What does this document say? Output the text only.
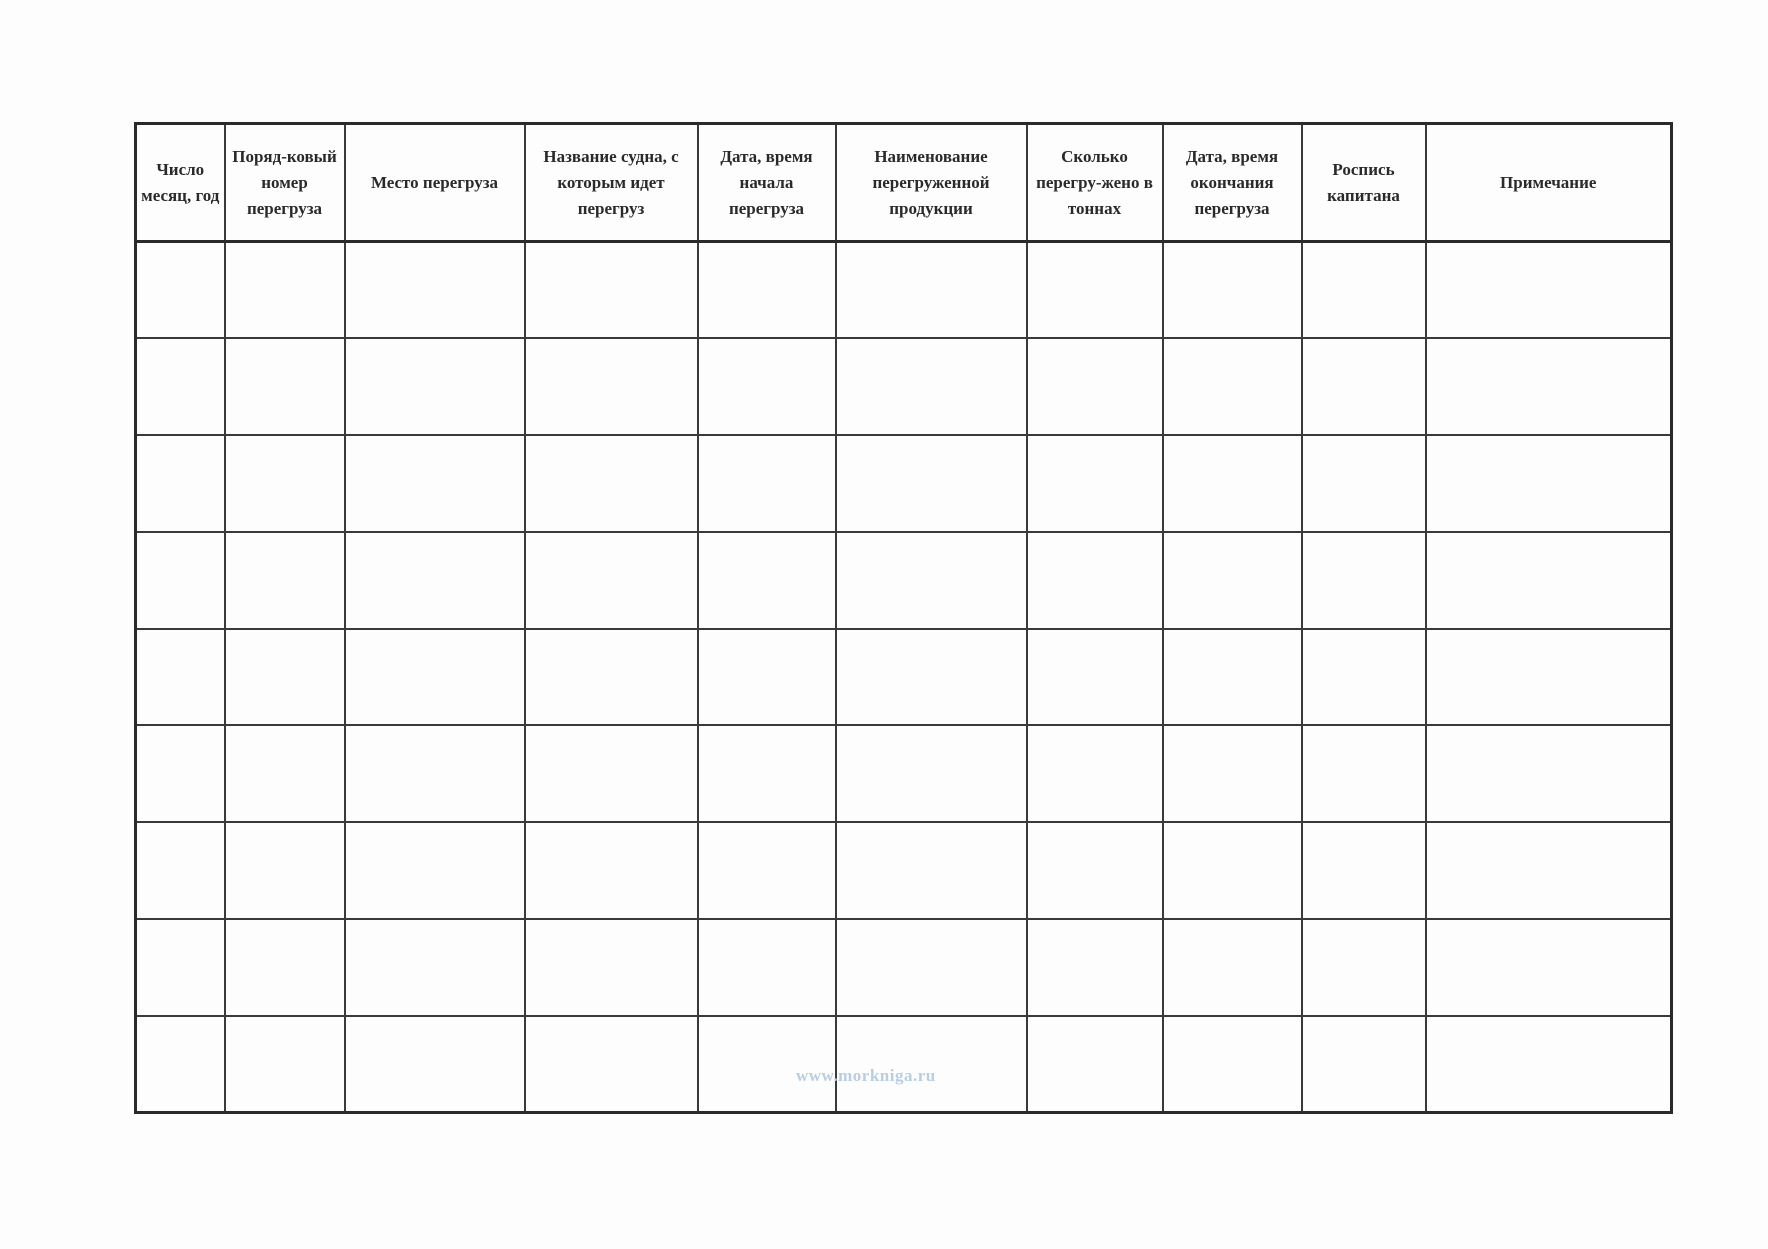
Число месяц, год	Поряд-ковый номер перегруза	Место перегруза	Название судна, с которым идет перегруз	Дата, время начала перегруза	Наименование перегруженной продукции	Сколько перегру-жено в тоннах	Дата, время окончания перегруза	Роспись капитана	Примечание

www.morkniga.ru
